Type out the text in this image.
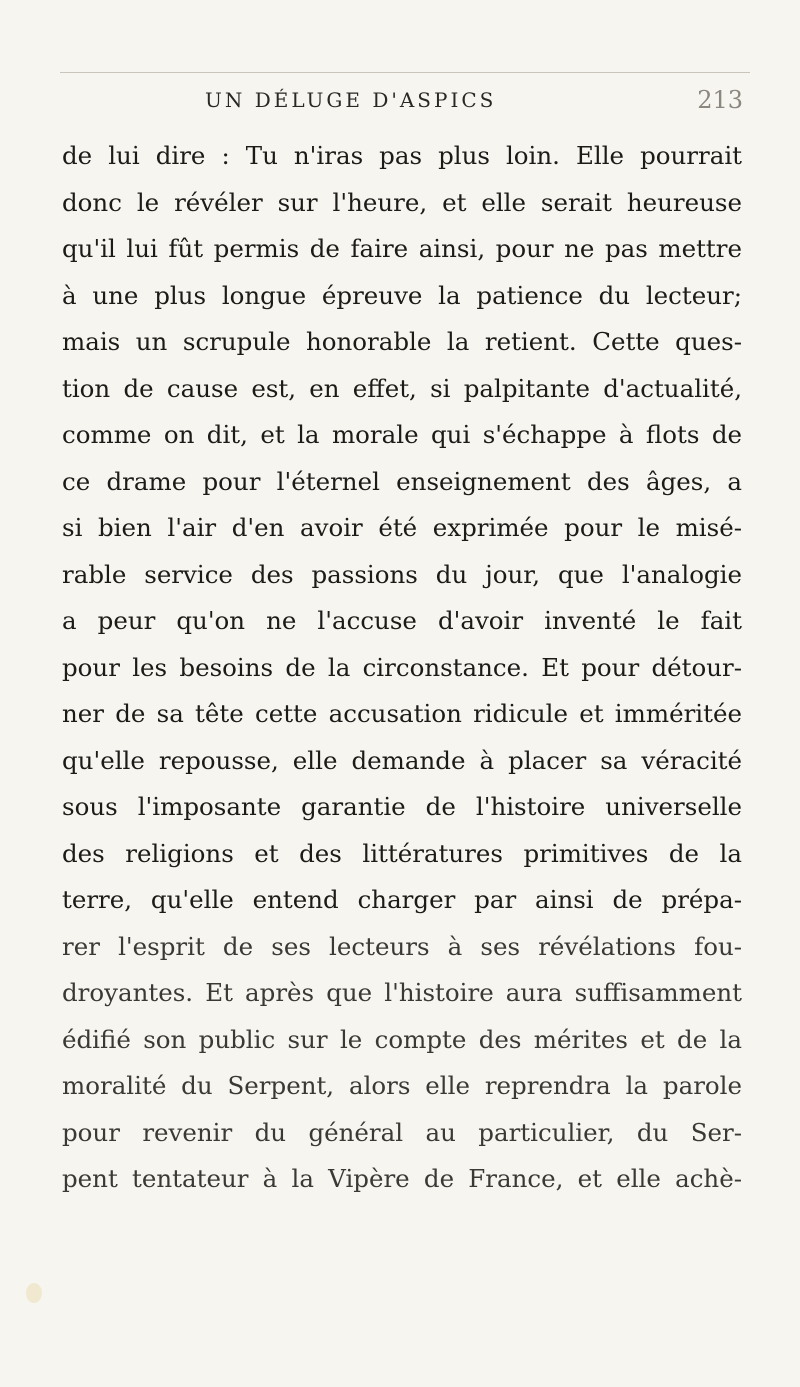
UN DÉLUGE D'ASPICS	213
de lui dire : Tu n'iras pas plus loin. Elle pourrait
donc le révéler sur l'heure, et elle serait heureuse
qu'il lui fût permis de faire ainsi, pour ne pas mettre
à une plus longue épreuve la patience du lecteur;
mais un scrupule honorable la retient. Cette ques-
tion de cause est, en effet, si palpitante d'actualité,
comme on dit, et la morale qui s'échappe à flots de
ce drame pour l'éternel enseignement des âges, a
si bien l'air d'en avoir été exprimée pour le misé-
rable service des passions du jour, que l'analogie
a peur qu'on ne l'accuse d'avoir inventé le fait
pour les besoins de la circonstance. Et pour détour-
ner de sa tête cette accusation ridicule et imméritée
qu'elle repousse, elle demande à placer sa véracité
sous l'imposante garantie de l'histoire universelle
des religions et des littératures primitives de la
terre, qu'elle entend charger par ainsi de prépa-
rer l'esprit de ses lecteurs à ses révélations fou-
droyantes. Et après que l'histoire aura suffisamment
édifié son public sur le compte des mérites et de la
moralité du Serpent, alors elle reprendra la parole
pour revenir du général au particulier, du Ser-
pent tentateur à la Vipère de France, et elle achè-
